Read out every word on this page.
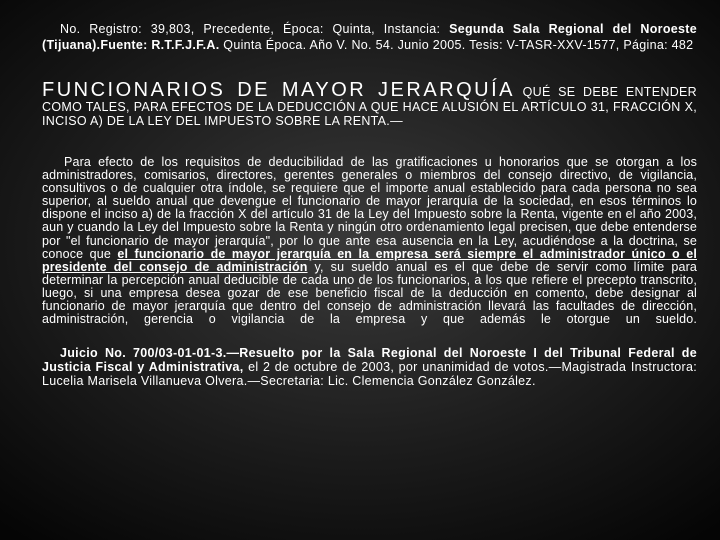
No. Registro: 39,803, Precedente, Época: Quinta, Instancia: Segunda Sala Regional del Noroeste (Tijuana).Fuente: R.T.F.J.F.A. Quinta Época. Año V. No. 54. Junio 2005. Tesis: V-TASR-XXV-1577, Página: 482

FUNCIONARIOS DE MAYOR JERARQUÍA QUÉ SE DEBE ENTENDER COMO TALES, PARA EFECTOS DE LA DEDUCCIÓN A QUE HACE ALUSIÓN EL ARTÍCULO 31, FRACCIÓN X, INCISO A) DE LA LEY DEL IMPUESTO SOBRE LA RENTA.—
Para efecto de los requisitos de deducibilidad de las gratificaciones u honorarios que se otorgan a los administradores, comisarios, directores, gerentes generales o miembros del consejo directivo, de vigilancia, consultivos o de cualquier otra índole, se requiere que el importe anual establecido para cada persona no sea superior, al sueldo anual que devengue el funcionario de mayor jerarquía de la sociedad, en esos términos lo dispone el inciso a) de la fracción X del artículo 31 de la Ley del Impuesto sobre la Renta, vigente en el año 2003, aun y cuando la Ley del Impuesto sobre la Renta y ningún otro ordenamiento legal precisen, que debe entenderse por "el funcionario de mayor jerarquía", por lo que ante esa ausencia en la Ley, acudiéndose a la doctrina, se conoce que el funcionario de mayor jerarquía en la empresa será siempre el administrador único o el presidente del consejo de administración y, su sueldo anual es el que debe de servir como límite para determinar la percepción anual deducible de cada uno de los funcionarios, a los que refiere el precepto transcrito, luego, si una empresa desea gozar de ese beneficio fiscal de la deducción en comento, debe designar al funcionario de mayor jerarquía que dentro del consejo de administración llevará las facultades de dirección, administración, gerencia o vigilancia de la empresa y que además le otorgue un sueldo.
Juicio No. 700/03-01-01-3.—Resuelto por la Sala Regional del Noroeste I del Tribunal Federal de Justicia Fiscal y Administrativa, el 2 de octubre de 2003, por unanimidad de votos.—Magistrada Instructora: Lucelia Marisela Villanueva Olvera.—Secretaria: Lic. Clemencia González González.
